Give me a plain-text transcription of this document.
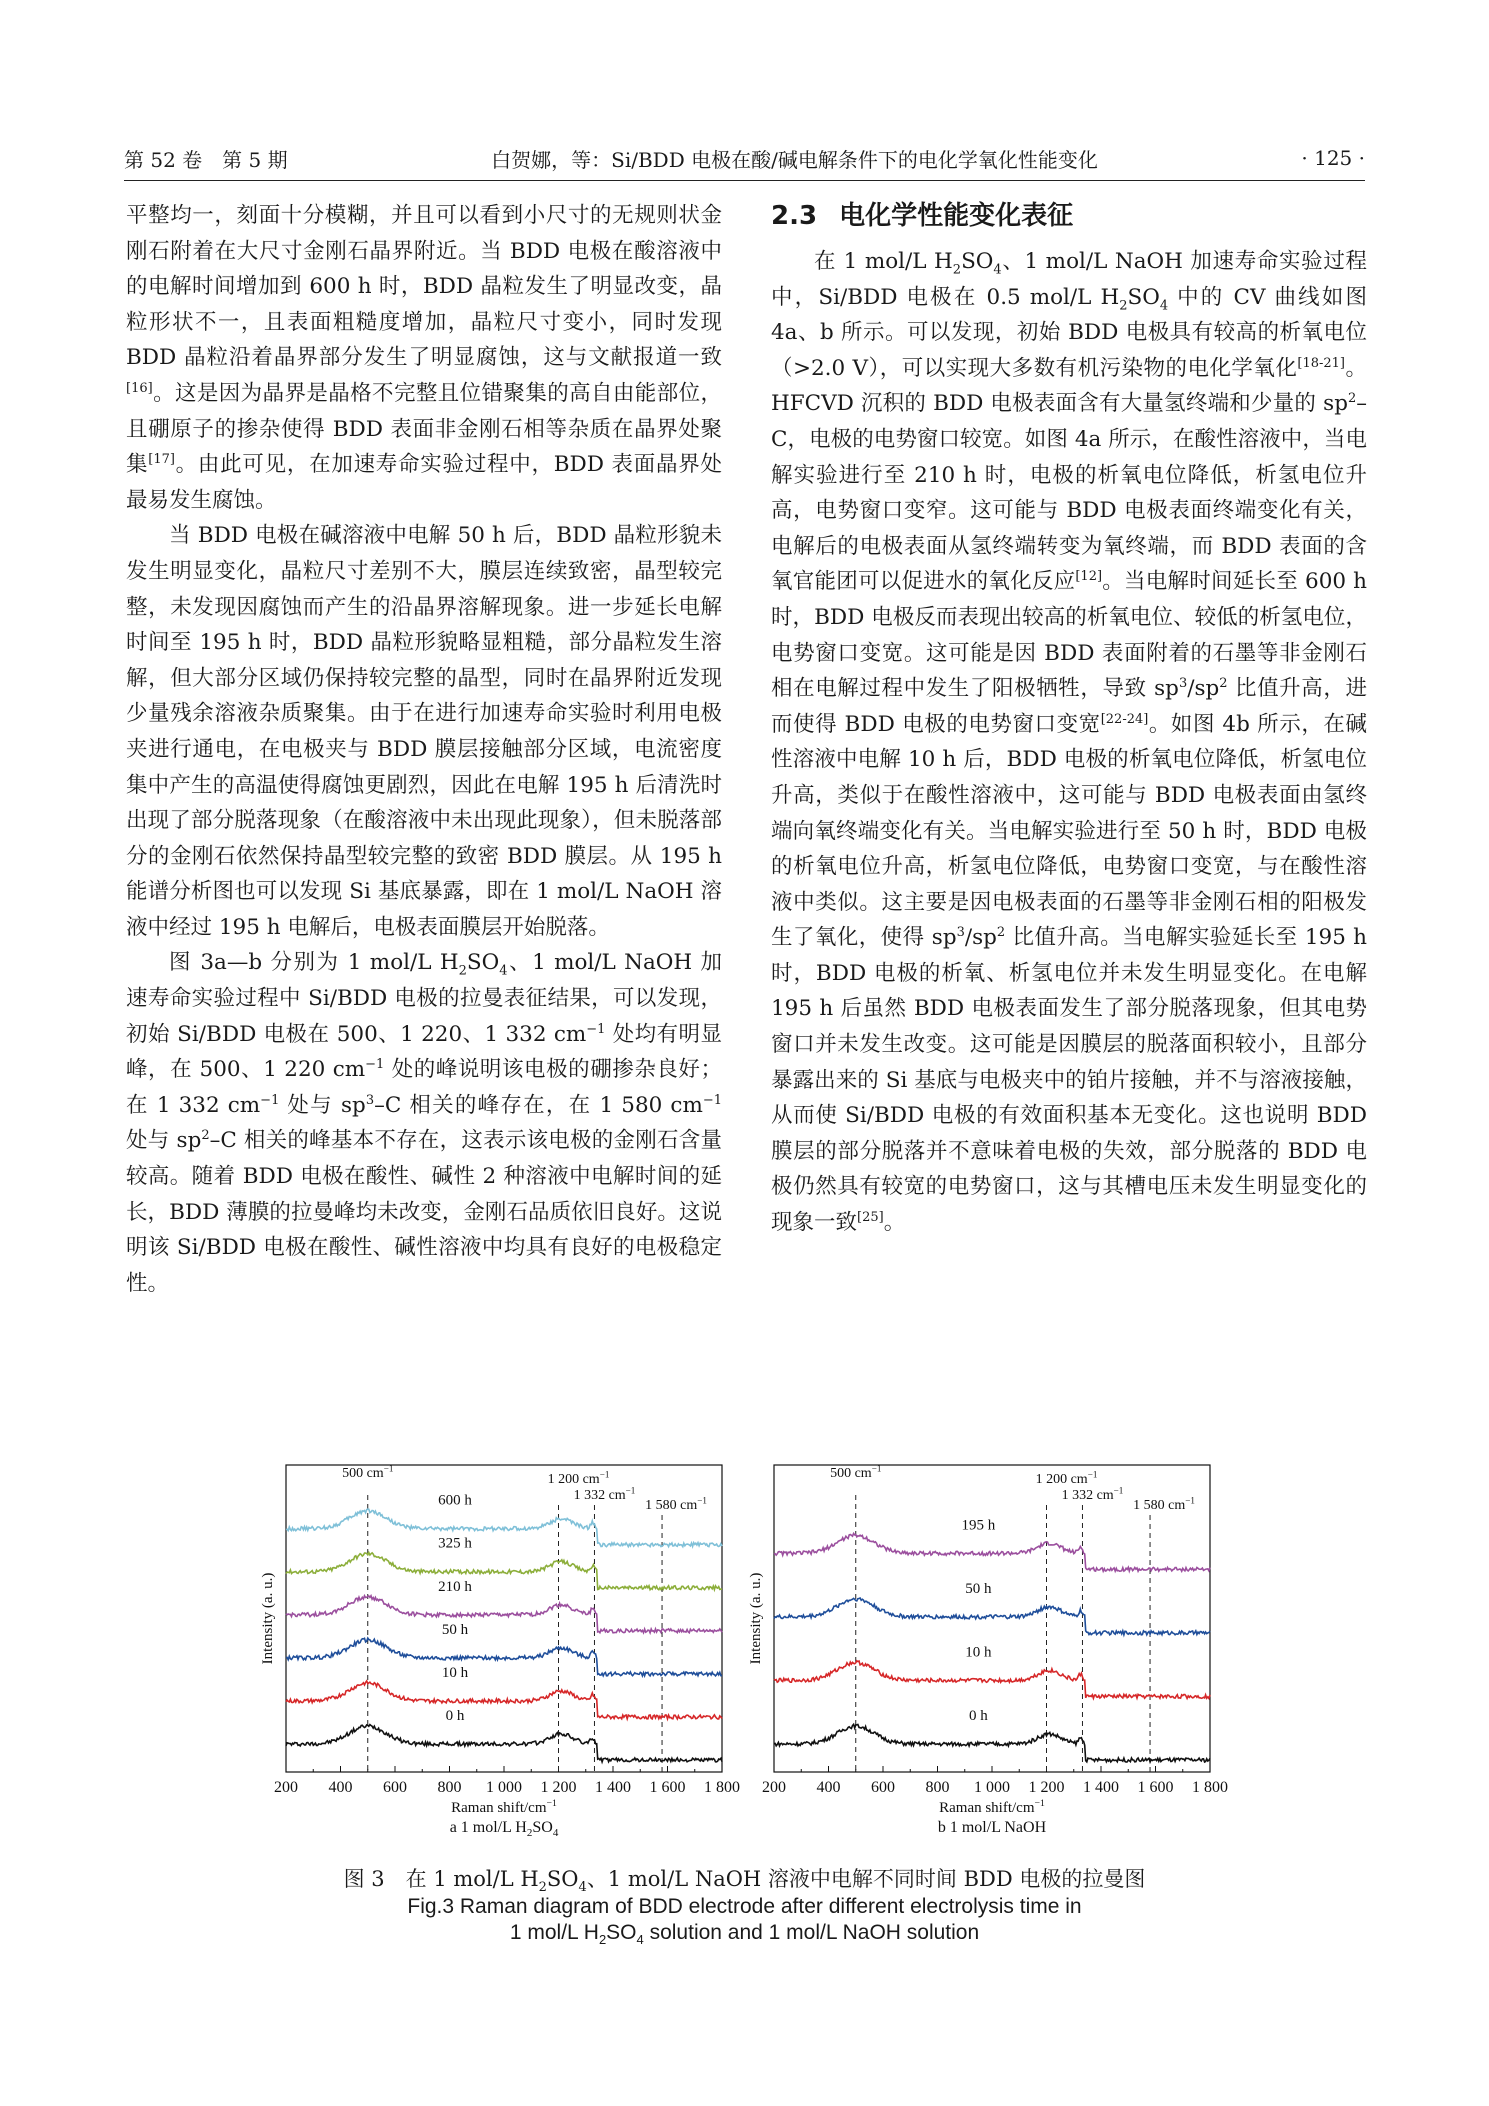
第 52 卷　第 5 期	白贺娜，等：Si/BDD 电极在酸/碱电解条件下的电化学氧化性能变化	· 125 ·

平整均一，刻面十分模糊，并且可以看到小尺寸的无规则状金刚石附着在大尺寸金刚石晶界附近。当 BDD 电极在酸溶液中的电解时间增加到 600 h 时，BDD 晶粒发生了明显改变，晶粒形状不一，且表面粗糙度增加，晶粒尺寸变小，同时发现 BDD 晶粒沿着晶界部分发生了明显腐蚀，这与文献报道一致[16]。这是因为晶界是晶格不完整且位错聚集的高自由能部位，且硼原子的掺杂使得 BDD 表面非金刚石相等杂质在晶界处聚集[17]。由此可见，在加速寿命实验过程中，BDD 表面晶界处最易发生腐蚀。

当 BDD 电极在碱溶液中电解 50 h 后，BDD 晶粒形貌未发生明显变化，晶粒尺寸差别不大，膜层连续致密，晶型较完整，未发现因腐蚀而产生的沿晶界溶解现象。进一步延长电解时间至 195 h 时，BDD 晶粒形貌略显粗糙，部分晶粒发生溶解，但大部分区域仍保持较完整的晶型，同时在晶界附近发现少量残余溶液杂质聚集。由于在进行加速寿命实验时利用电极夹进行通电，在电极夹与 BDD 膜层接触部分区域，电流密度集中产生的高温使得腐蚀更剧烈，因此在电解 195 h 后清洗时出现了部分脱落现象（在酸溶液中未出现此现象），但未脱落部分的金刚石依然保持晶型较完整的致密 BDD 膜层。从 195 h 能谱分析图也可以发现 Si 基底暴露，即在 1 mol/L NaOH 溶液中经过 195 h 电解后，电极表面膜层开始脱落。

图 3a—b 分别为 1 mol/L $H_2SO_4$、1 mol/L NaOH 加速寿命实验过程中 Si/BDD 电极的拉曼表征结果，可以发现，初始 Si/BDD 电极在 500、1 220、1 332 $cm^{-1}$ 处均有明显峰，在 500、1 220 $cm^{-1}$ 处的峰说明该电极的硼掺杂良好；在 1 332 $cm^{-1}$ 处与 $sp^3-C$ 相关的峰存在，在 1 580 $cm^{-1}$ 处与 $sp^2-C$ 相关的峰基本不存在，这表示该电极的金刚石含量较高。随着 BDD 电极在酸性、碱性 2 种溶液中电解时间的延长，BDD 薄膜的拉曼峰均未改变，金刚石品质依旧良好。这说明该 Si/BDD 电极在酸性、碱性溶液中均具有良好的电极稳定性。

2.3 电化学性能变化表征

在 1 mol/L $H_2SO_4$、1 mol/L NaOH 加速寿命实验过程中，Si/BDD 电极在 0.5 mol/L $H_2SO_4$ 中的 CV 曲线如图 4a、b 所示。可以发现，初始 BDD 电极具有较高的析氧电位（>2.0 V），可以实现大多数有机污染物的电化学氧化[18-21]。HFCVD 沉积的 BDD 电极表面含有大量氢终端和少量的 $sp^2-C$，电极的电势窗口较宽。如图 4a 所示，在酸性溶液中，当电解实验进行至 210 h 时，电极的析氧电位降低，析氢电位升高，电势窗口变窄。这可能与 BDD 电极表面终端变化有关，电解后的电极表面从氢终端转变为氧终端，而 BDD 表面的含氧官能团可以促进水的氧化反应[12]。当电解时间延长至 600 h 时，BDD 电极反而表现出较高的析氧电位、较低的析氢电位，电势窗口变宽。这可能是因 BDD 表面附着的石墨等非金刚石相在电解过程中发生了阳极牺牲，导致 $sp^3/sp^2$ 比值升高，进而使得 BDD 电极的电势窗口变宽[22-24]。如图 4b 所示，在碱性溶液中电解 10 h 后，BDD 电极的析氧电位降低，析氢电位升高，类似于在酸性溶液中，这可能与 BDD 电极表面由氢终端向氧终端变化有关。当电解实验进行至 50 h 时，BDD 电极的析氧电位升高，析氢电位降低，电势窗口变宽，与在酸性溶液中类似。这主要是因电极表面的石墨等非金刚石相的阳极发生了氧化，使得 $sp^3/sp^2$ 比值升高。当电解实验延长至 195 h 时，BDD 电极的析氧、析氢电位并未发生明显变化。在电解 195 h 后虽然 BDD 电极表面发生了部分脱落现象，但其电势窗口并未发生改变。这可能是因膜层的脱落面积较小，且部分暴露出来的 Si 基底与电极夹中的铂片接触，并不与溶液接触，从而使 Si/BDD 电极的有效面积基本无变化。这也说明 BDD 膜层的部分脱落并不意味着电极的失效，部分脱落的 BDD 电极仍然具有较宽的电势窗口，这与其槽电压未发生明显变化的现象一致[25]。

200 400 600 800 1 000 1 200 1 400 1 600 1 800
Raman shift/$cm^{-1}$
Intensity (a. u.)
a 1 mol/L $H_2SO_4$
500 $cm^{-1}$
1 200 $cm^{-1}$
1 332 $cm^{-1}$
1 580 $cm^{-1}$
0 h
10 h
50 h
210 h
325 h
600 h
200 400 600 800 1 000 1 200 1 400 1 600 1 800
Raman shift/$cm^{-1}$
Intensity (a. u.)
b 1 mol/L NaOH
500 $cm^{-1}$
1 200 $cm^{-1}$
1 332 $cm^{-1}$
1 580 $cm^{-1}$
0 h
10 h
50 h
195 h
图 3　在 1 mol/L $H_2SO_4$、1 mol/L NaOH 溶液中电解不同时间 BDD 电极的拉曼图
Fig.3 Raman diagram of BDD electrode after different electrolysis time in
1 mol/L $H_2SO_4$ solution and 1 mol/L NaOH solution
